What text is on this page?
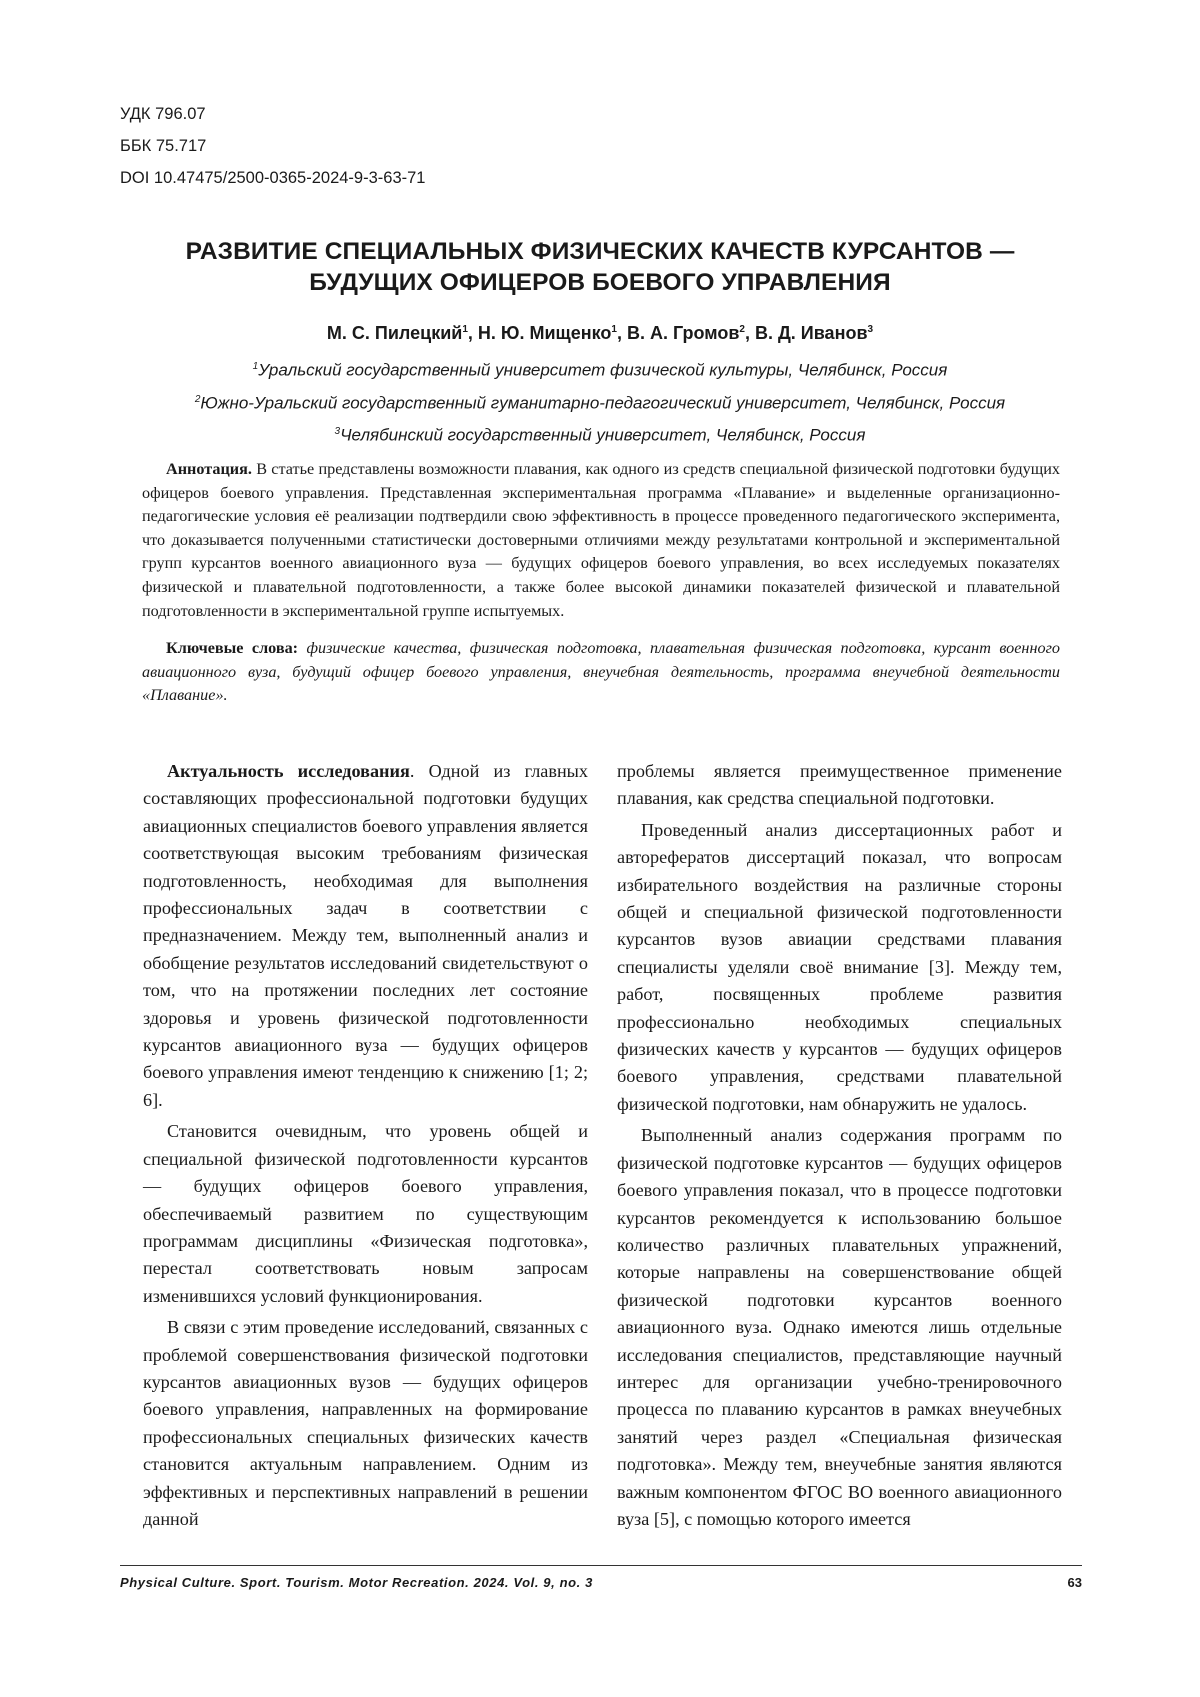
УДК 796.07
ББК 75.717
DOI 10.47475/2500-0365-2024-9-3-63-71
РАЗВИТИЕ СПЕЦИАЛЬНЫХ ФИЗИЧЕСКИХ КАЧЕСТВ КУРСАНТОВ —
БУДУЩИХ ОФИЦЕРОВ БОЕВОГО УПРАВЛЕНИЯ
М. С. Пилецкий$^1$, Н. Ю. Мищенко$^1$, В. А. Громов$^2$, В. Д. Иванов$^3$
$^1$Уральский государственный университет физической культуры, Челябинск, Россия
$^2$Южно-Уральский государственный гуманитарно-педагогический университет, Челябинск, Россия
$^3$Челябинский государственный университет, Челябинск, Россия

Аннотация. В статье представлены возможности плавания, как одного из средств специальной физической подготовки будущих офицеров боевого управления. Представленная экспериментальная программа «Плавание» и выделенные организационно-педагогические условия её реализации подтвердили свою эффективность в процессе проведенного педагогического эксперимента, что доказывается полученными статистически достоверными отличиями между результатами контрольной и экспериментальной групп курсантов военного авиационного вуза — будущих офицеров боевого управления, во всех исследуемых показателях физической и плавательной подготовленности, а также более высокой динамики показателей физической и плавательной подготовленности в экспериментальной группе испытуемых.

Ключевые слова: физические качества, физическая подготовка, плавательная физическая подготовка, курсант военного авиационного вуза, будущий офицер боевого управления, внеучебная деятельность, программа внеучебной деятельности «Плавание».

Актуальность исследования. Одной из главных составляющих профессиональной подготовки будущих авиационных специалистов боевого управления является соответствующая высоким требованиям физическая подготовленность, необходимая для выполнения профессиональных задач в соответствии с предназначением. Между тем, выполненный анализ и обобщение результатов исследований свидетельствуют о том, что на протяжении последних лет состояние здоровья и уровень физической подготовленности курсантов авиационного вуза — будущих офицеров боевого управления имеют тенденцию к снижению [1; 2; 6].

Становится очевидным, что уровень общей и специальной физической подготовленности курсантов — будущих офицеров боевого управления, обеспечиваемый развитием по существующим программам дисциплины «Физическая подготовка», перестал соответствовать новым запросам изменившихся условий функционирования.

В связи с этим проведение исследований, связанных с проблемой совершенствования физической подготовки курсантов авиационных вузов — будущих офицеров боевого управления, направленных на формирование профессиональных специальных физических качеств становится актуальным направлением. Одним из эффективных и перспективных направлений в решении данной

проблемы является преимущественное применение плавания, как средства специальной подготовки.

Проведенный анализ диссертационных работ и авторефератов диссертаций показал, что вопросам избирательного воздействия на различные стороны общей и специальной физической подготовленности курсантов вузов авиации средствами плавания специалисты уделяли своё внимание [3]. Между тем, работ, посвященных проблеме развития профессионально необходимых специальных физических качеств у курсантов — будущих офицеров боевого управления, средствами плавательной физической подготовки, нам обнаружить не удалось.

Выполненный анализ содержания программ по физической подготовке курсантов — будущих офицеров боевого управления показал, что в процессе подготовки курсантов рекомендуется к использованию большое количество различных плавательных упражнений, которые направлены на совершенствование общей физической подготовки курсантов военного авиационного вуза. Однако имеются лишь отдельные исследования специалистов, представляющие научный интерес для организации учебно-тренировочного процесса по плаванию курсантов в рамках внеучебных занятий через раздел «Специальная физическая подготовка». Между тем, внеучебные занятия являются важным компонентом ФГОС ВО военного авиационного вуза [5], с помощью которого имеется

Physical Culture. Sport. Tourism. Motor Recreation. 2024. Vol. 9, no. 3	63
